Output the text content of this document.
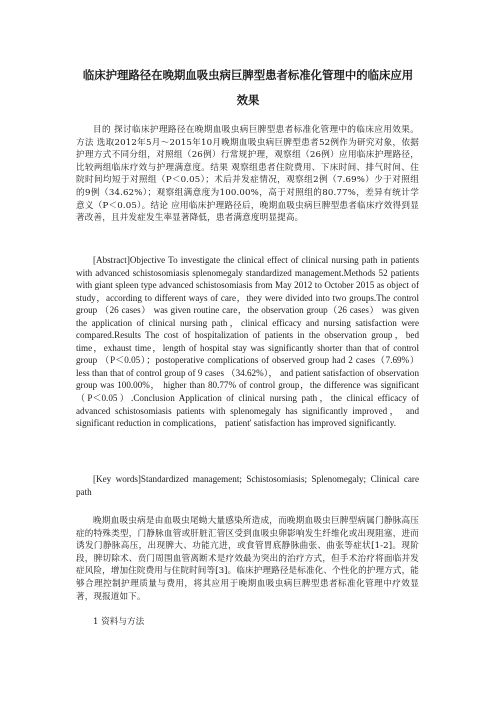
临床护理路径在晚期血吸虫病巨脾型患者标准化管理中的临床应用
效果

目的 探讨临床护理路径在晚期血吸虫病巨脾型患者标准化管理中的临床应用效果。方法 选取2012年5月～2015年10月晚期血吸虫病巨脾型患者52例作为研究对象，依据护理方式不同分组，对照组（26例）行常规护理，观察组（26例）应用临床护理路径，比较两组临床疗效与护理满意度。结果 观察组患者住院费用、下床时间、排气时间、住院时间均短于对照组（P＜0.05）；术后并发症情况，观察组2例（7.69%）少于对照组的9例（34.62%）；观察组满意度为100.00%，高于对照组的80.77%，差异有统计学意义（P＜0.05）。结论 应用临床护理路径后，晚期血吸虫病巨脾型患者临床疗效得到显著改善，且并发症发生率显著降低，患者满意度明显提高。

[Abstract]Objective To investigate the clinical effect of clinical nursing path in patients with advanced schistosomiasis splenomegaly standardized management.Methods 52 patients with giant spleen type advanced schistosomiasis from May 2012 to October 2015 as object of study，according to different ways of care，they were divided into two groups.The control group （26 cases） was given routine care，the observation group（26 cases） was given the application of clinical nursing path，clinical efficacy and nursing satisfaction were compared.Results The cost of hospitalization of patients in the observation group，bed time，exhaust time，length of hospital stay was significantly shorter than that of control group （P＜0.05）；postoperative complications of observed group had 2 cases（7.69%）less than that of control group of 9 cases （34.62%）， and patient satisfaction of observation group was 100.00%， higher than 80.77% of control group，the difference was significant （P＜0.05）.Conclusion Application of clinical nursing path，the clinical efficacy of advanced schistosomiasis patients with splenomegaly has significantly improved， and significant reduction in complications， patient' satisfaction has improved significantly.

[Key words]Standardized management; Schistosomiasis; Splenomegaly; Clinical care path

晚期血吸虫病是由血吸虫尾蚴大量感染所造成，而晚期血吸虫巨脾型病属门静脉高压症的特殊类型，门静脉血管或肝脏汇管区受到血吸虫卵影响发生纤维化或出现阻塞，进而诱发门静脉高压，出现脾大、功能亢进，或食管胃底静脉曲张、曲张等症状[1-2]。现阶段，脾切除术、贲门周围血管离断术是疗效最为突出的治疗方式，但手术治疗将面临并发症风险，增加住院费用与住院时间等[3]。临床护理路径是标准化、个性化的护理方式，能够合理控制护理质量与费用，将其应用于晚期血吸虫病巨脾型患者标准化管理中疗效显著，现报道如下。

1 资料与方法
